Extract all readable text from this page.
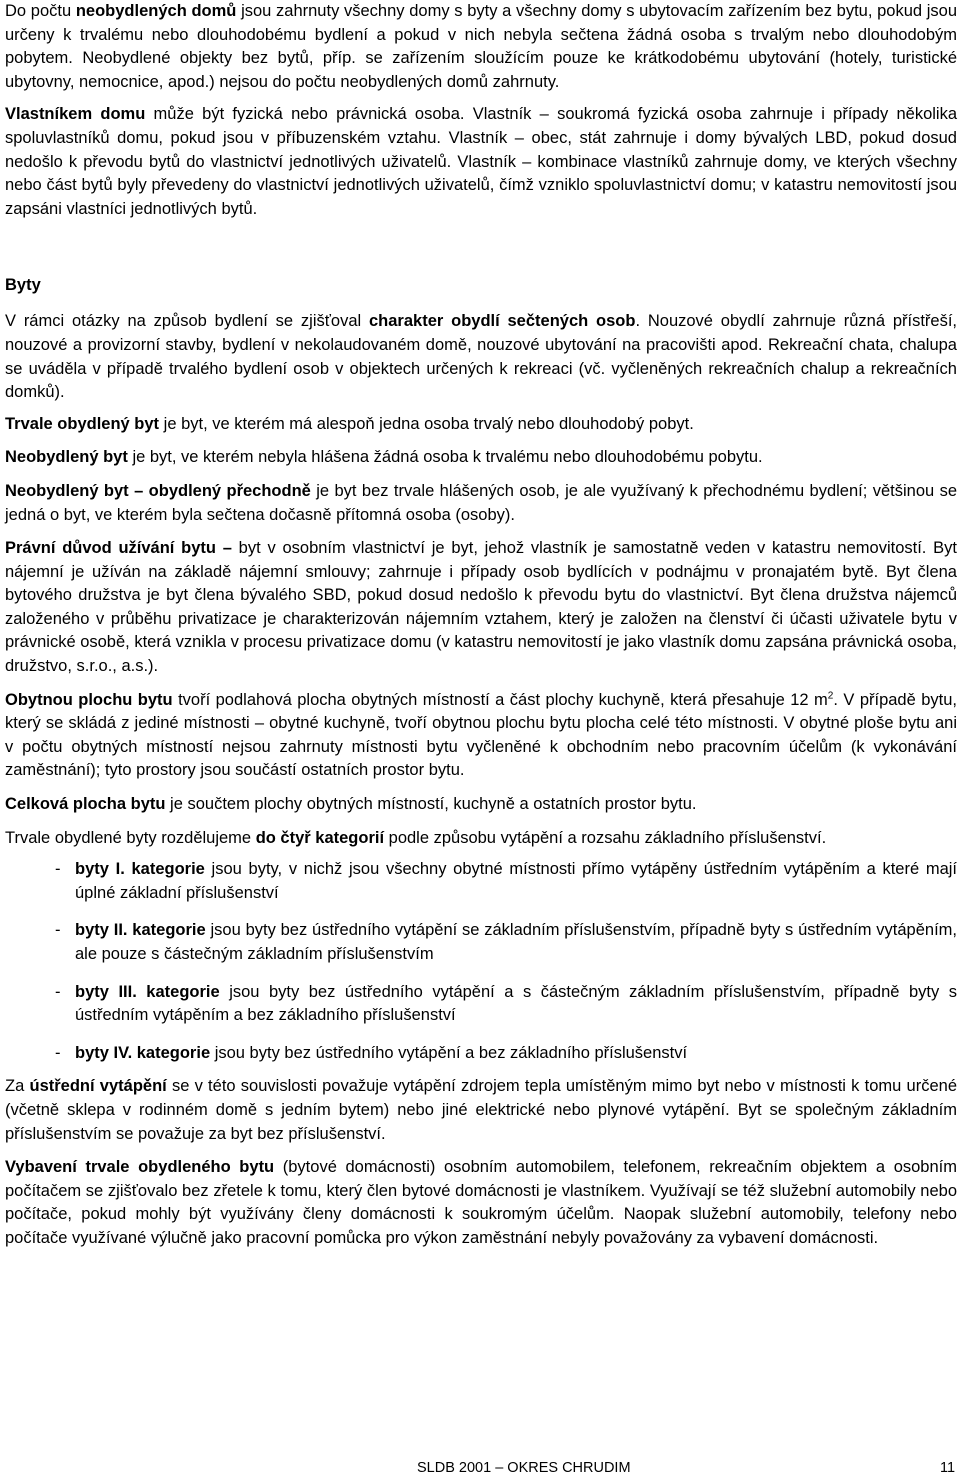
Do počtu neobydlených domů jsou zahrnuty všechny domy s byty a všechny domy s ubytovacím zařízením bez bytu, pokud jsou určeny k trvalému nebo dlouhodobému bydlení a pokud v nich nebyla sečtena žádná osoba s trvalým nebo dlouhodobým pobytem. Neobydlené objekty bez bytů, příp. se zařízením sloužícím pouze ke krátkodobému ubytování (hotely, turistické ubytovny, nemocnice, apod.) nejsou do počtu neobydlených domů zahrnuty.

Vlastníkem domu může být fyzická nebo právnická osoba. Vlastník – soukromá fyzická osoba zahrnuje i případy několika spoluvlastníků domu, pokud jsou v příbuzenském vztahu. Vlastník – obec, stát zahrnuje i domy bývalých LBD, pokud dosud nedošlo k převodu bytů do vlastnictví jednotlivých uživatelů. Vlastník – kombinace vlastníků zahrnuje domy, ve kterých všechny nebo část bytů byly převedeny do vlastnictví jednotlivých uživatelů, čímž vzniklo spoluvlastnictví domu; v katastru nemovitostí jsou zapsáni vlastníci jednotlivých bytů.

Byty

V rámci otázky na způsob bydlení se zjišťoval charakter obydlí sečtených osob. Nouzové obydlí zahrnuje různá přístřeší, nouzové a provizorní stavby, bydlení v nekolaudovaném domě, nouzové ubytování na pracovišti apod. Rekreační chata, chalupa se uváděla v případě trvalého bydlení osob v objektech určených k rekreaci (vč. vyčleněných rekreačních chalup a rekreačních domků).

Trvale obydlený byt je byt, ve kterém má alespoň jedna osoba trvalý nebo dlouhodobý pobyt.

Neobydlený byt je byt, ve kterém nebyla hlášena žádná osoba k trvalému nebo dlouhodobému pobytu.

Neobydlený byt – obydlený přechodně je byt bez trvale hlášených osob, je ale využívaný k přechodnému bydlení; většinou se jedná o byt, ve kterém byla sečtena dočasně přítomná osoba (osoby).

Právní důvod užívání bytu – byt v osobním vlastnictví je byt, jehož vlastník je samostatně veden v katastru nemovitostí. Byt nájemní je užíván na základě nájemní smlouvy; zahrnuje i případy osob bydlících v podnájmu v pronajatém bytě. Byt člena bytového družstva je byt člena bývalého SBD, pokud dosud nedošlo k převodu bytu do vlastnictví. Byt člena družstva nájemců založeného v průběhu privatizace je charakterizován nájemním vztahem, který je založen na členství či účasti uživatele bytu v právnické osobě, která vznikla v procesu privatizace domu (v katastru nemovitostí je jako vlastník domu zapsána právnická osoba, družstvo, s.r.o., a.s.).

Obytnou plochu bytu tvoří podlahová plocha obytných místností a část plochy kuchyně, která přesahuje 12 $m^2$. V případě bytu, který se skládá z jediné místnosti – obytné kuchyně, tvoří obytnou plochu bytu plocha celé této místnosti. V obytné ploše bytu ani v počtu obytných místností nejsou zahrnuty místnosti bytu vyčleněné k obchodním nebo pracovním účelům (k vykonávání zaměstnání); tyto prostory jsou součástí ostatních prostor bytu.

Celková plocha bytu je součtem plochy obytných místností, kuchyně a ostatních prostor bytu.

Trvale obydlené byty rozdělujeme do čtyř kategorií podle způsobu vytápění a rozsahu základního příslušenství.

- byty I. kategorie jsou byty, v nichž jsou všechny obytné místnosti přímo vytápěny ústředním vytápěním a které mají úplné základní příslušenství
- byty II. kategorie jsou byty bez ústředního vytápění se základním příslušenstvím, případně byty s ústředním vytápěním, ale pouze s částečným základním příslušenstvím
- byty III. kategorie jsou byty bez ústředního vytápění a s částečným základním příslušenstvím, případně byty s ústředním vytápěním a bez základního příslušenství
- byty IV. kategorie jsou byty bez ústředního vytápění a bez základního příslušenství

Za ústřední vytápění se v této souvislosti považuje vytápění zdrojem tepla umístěným mimo byt nebo v místnosti k tomu určené (včetně sklepa v rodinném domě s jedním bytem) nebo jiné elektrické nebo plynové vytápění. Byt se společným základním příslušenstvím se považuje za byt bez příslušenství.

Vybavení trvale obydleného bytu (bytové domácnosti) osobním automobilem, telefonem, rekreačním objektem a osobním počítačem se zjišťovalo bez zřetele k tomu, který člen bytové domácnosti je vlastníkem. Využívají se též služební automobily nebo počítače, pokud mohly být využívány členy domácnosti k soukromým účelům. Naopak služební automobily, telefony nebo počítače využívané výlučně jako pracovní pomůcka pro výkon zaměstnání nebyly považovány za vybavení domácnosti.

SLDB 2001 – OKRES CHRUDIM	11
